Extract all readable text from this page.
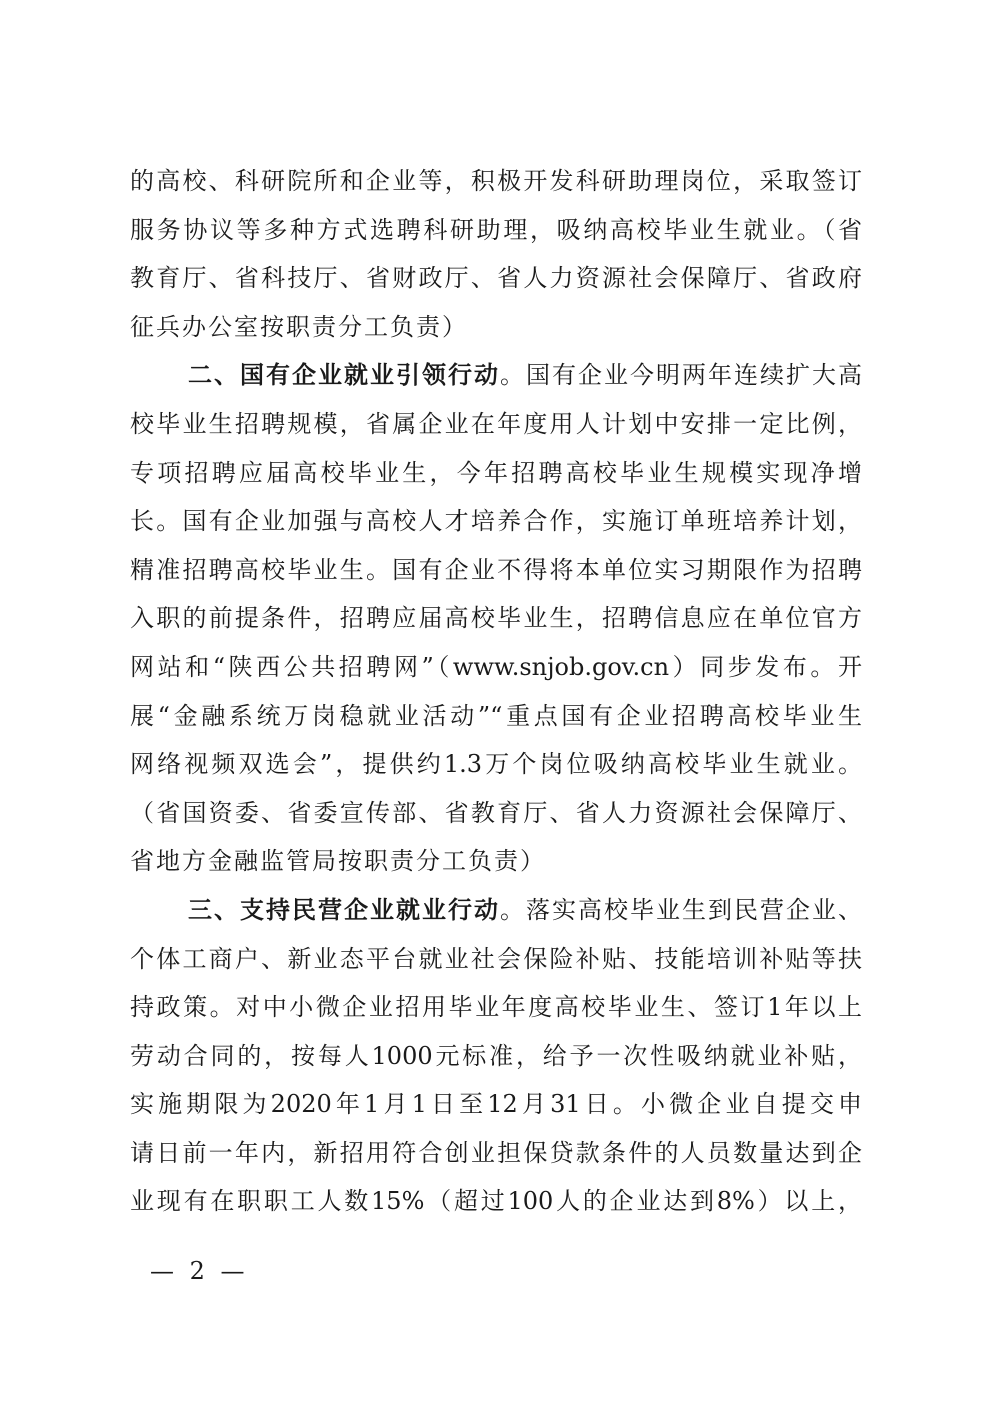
的高校、科研院所和企业等，积极开发科研助理岗位，采取签订
服务协议等多种方式选聘科研助理，吸纳高校毕业生就业。（省
教育厅、省科技厅、省财政厅、省人力资源社会保障厅、省政府
征兵办公室按职责分工负责）
二、国有企业就业引领行动。国有企业今明两年连续扩大高
校毕业生招聘规模，省属企业在年度用人计划中安排一定比例，
专项招聘应届高校毕业生，今年招聘高校毕业生规模实现净增
长。国有企业加强与高校人才培养合作，实施订单班培养计划，
精准招聘高校毕业生。国有企业不得将本单位实习期限作为招聘
入职的前提条件，招聘应届高校毕业生，招聘信息应在单位官方
网站和“陕西公共招聘网”（www.snjob.gov.cn）同步发布。开
展“金融系统万岗稳就业活动”“重点国有企业招聘高校毕业生
网络视频双选会”，提供约1.3万个岗位吸纳高校毕业生就业。
（省国资委、省委宣传部、省教育厅、省人力资源社会保障厅、
省地方金融监管局按职责分工负责）
三、支持民营企业就业行动。落实高校毕业生到民营企业、
个体工商户、新业态平台就业社会保险补贴、技能培训补贴等扶
持政策。对中小微企业招用毕业年度高校毕业生、签订1年以上
劳动合同的，按每人1000元标准，给予一次性吸纳就业补贴，
实施期限为2020年1月1日至12月31日。小微企业自提交申
请日前一年内，新招用符合创业担保贷款条件的人员数量达到企
业现有在职职工人数15%（超过100人的企业达到8%）以上，
— 2 —
